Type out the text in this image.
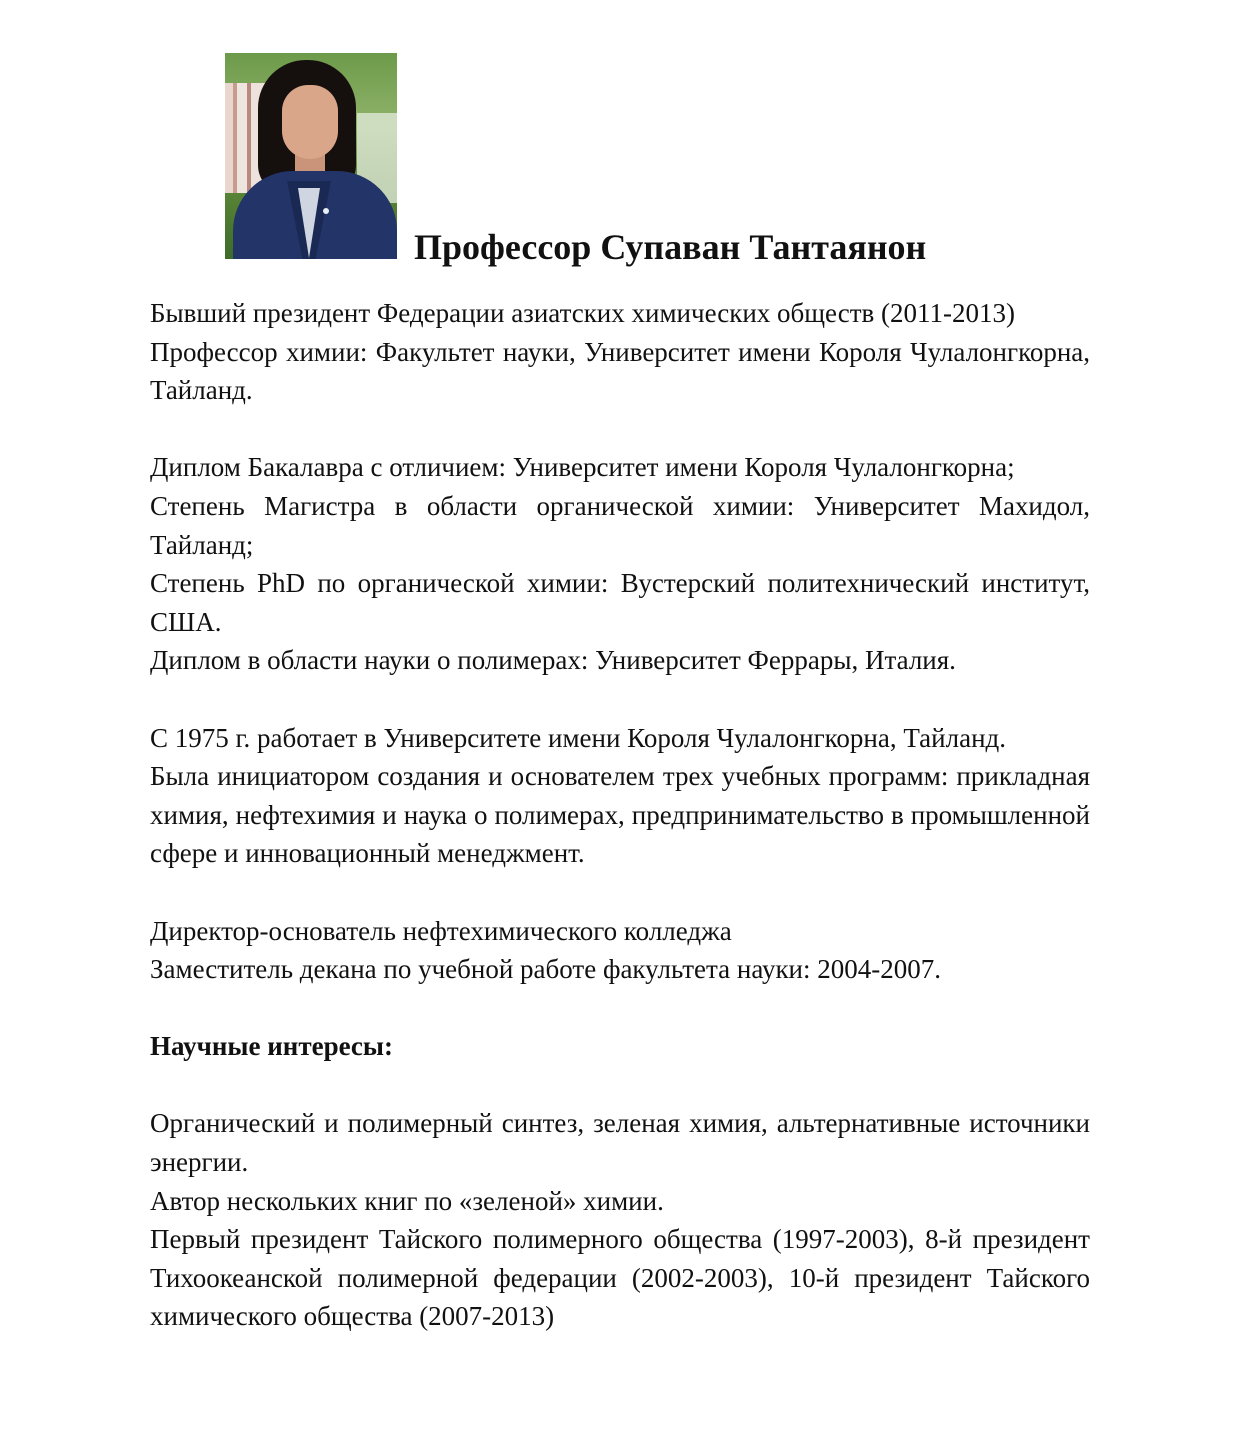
Профессор Супаван Тантаянон

Бывший президент Федерации азиатских химических обществ (2011-2013)

Профессор химии: Факультет науки, Университет имени Короля Чулалонгкорна, Тайланд.

Диплом Бакалавра с отличием: Университет имени Короля Чулалонгкорна;

Степень Магистра в области органической химии: Университет Махидол, Тайланд;

Степень PhD по органической химии: Вустерский политехнический институт, США.

Диплом в области науки о полимерах: Университет Феррары, Италия.

С 1975 г. работает в Университете имени Короля Чулалонгкорна, Тайланд.

Была инициатором создания и основателем трех учебных программ: прикладная химия, нефтехимия и наука о полимерах, предпринимательство в промышленной сфере и инновационный менеджмент.

Директор-основатель нефтехимического колледжа

Заместитель декана по учебной работе факультета науки: 2004-2007.

Научные интересы:

Органический и полимерный синтез, зеленая химия, альтернативные источники энергии.

Автор нескольких книг по «зеленой» химии.

Первый президент Тайского полимерного общества (1997-2003), 8-й президент Тихоокеанской полимерной федерации (2002-2003), 10-й президент Тайского химического общества (2007-2013)
